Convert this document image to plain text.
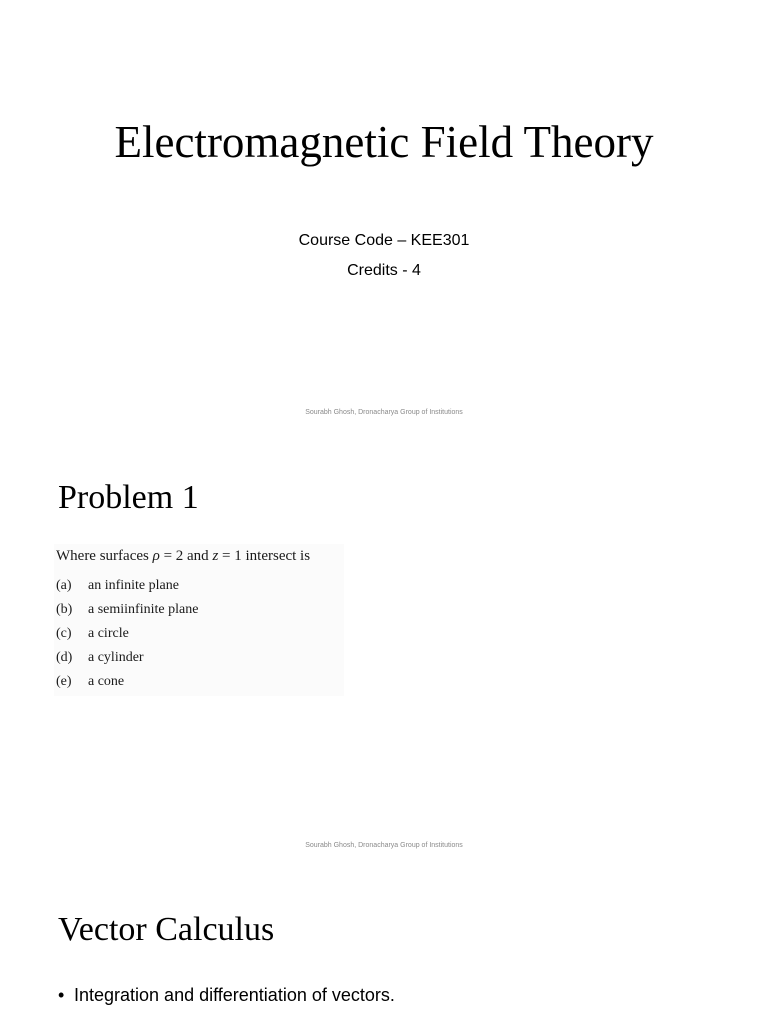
Electromagnetic Field Theory

Course Code – KEE301

Credits - 4

Sourabh Ghosh, Dronacharya Group of Institutions

Problem 1
Where surfaces ρ = 2 and z = 1 intersect is
(a)	an infinite plane
(b)	a semiinfinite plane
(c)	a circle
(d)	a cylinder
(e)	a cone

Sourabh Ghosh, Dronacharya Group of Institutions

Vector Calculus
• Integration and differentiation of vectors.
